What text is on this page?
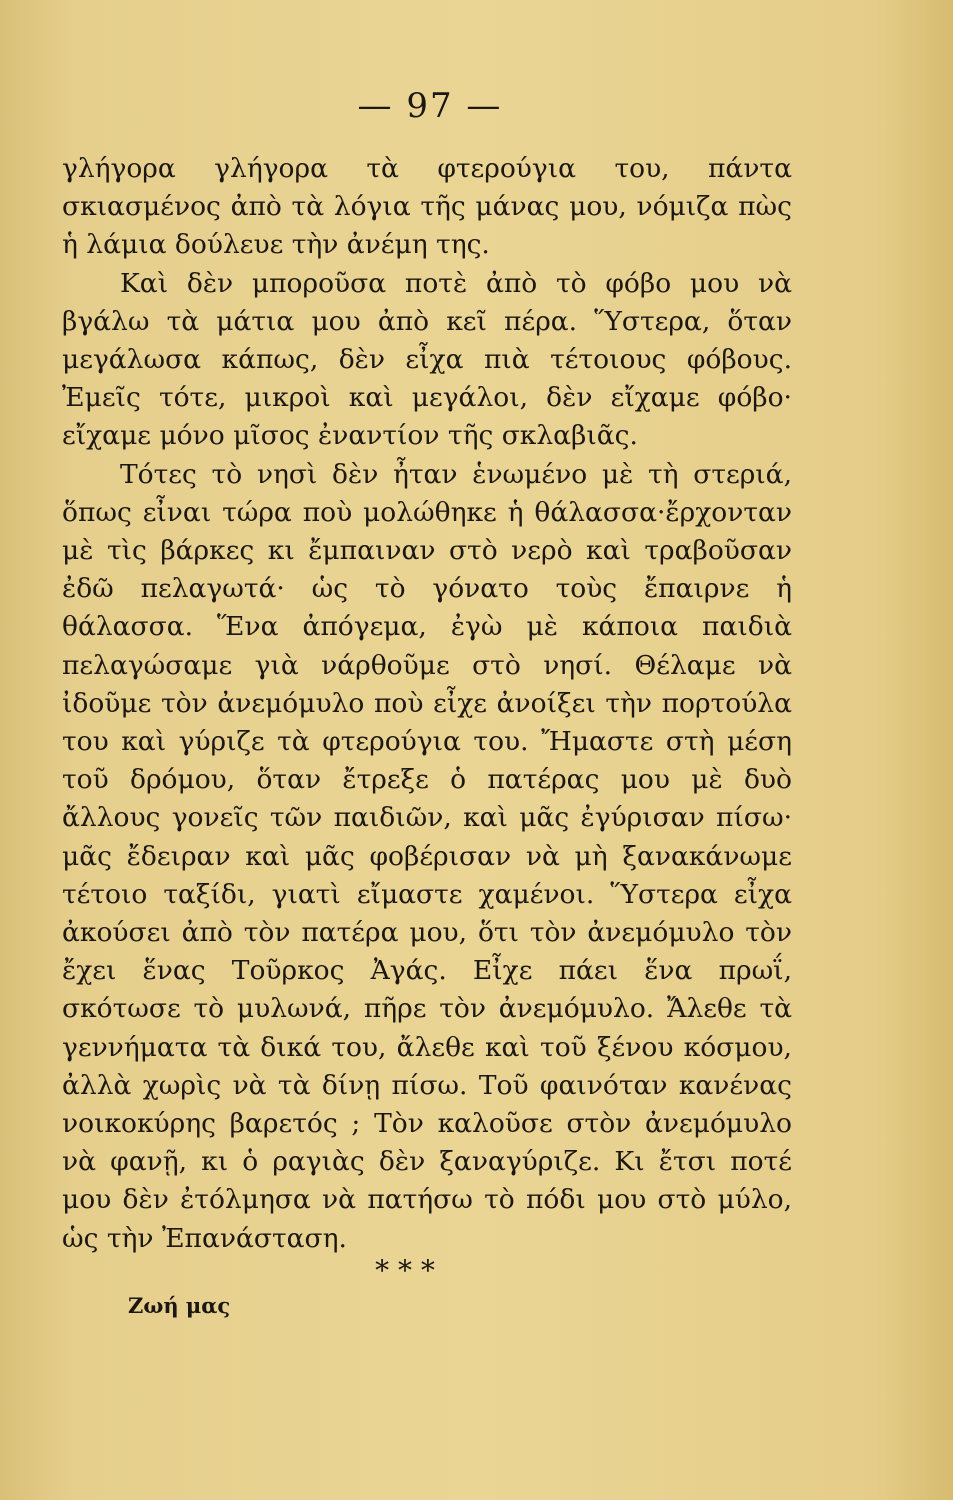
— 97 —

γλήγορα γλήγορα τὰ φτερούγια του, πάντα σκιασμένος ἀπὸ τὰ λόγια τῆς μάνας μου, νόμιζα πὼς ἡ λάμια δούλευε τὴν ἀνέμη της.

Καὶ δὲν μποροῦσα ποτὲ ἀπὸ τὸ φόβο μου νὰ βγάλω τὰ μάτια μου ἀπὸ κεῖ πέρα. Ὕστερα, ὅταν μεγάλωσα κάπως, δὲν εἶχα πιὰ τέτοιους φόβους. Ἐμεῖς τότε, μικροὶ καὶ μεγάλοι, δὲν εἴχαμε φόβο· εἴχαμε μόνο μῖσος ἐναντίον τῆς σκλαβιᾶς.

Τότες τὸ νησὶ δὲν ἦταν ἑνωμένο μὲ τὴ στεριά, ὅπως εἶναι τώρα ποὺ μολώθηκε ἡ θάλασσα·ἔρχονταν μὲ τὶς βάρκες κι ἔμπαιναν στὸ νερὸ καὶ τραβοῦσαν ἐδῶ πελαγωτά· ὡς τὸ γόνατο τοὺς ἔπαιρνε ἡ θάλασσα. Ἕνα ἀπόγεμα, ἐγὼ μὲ κάποια παιδιὰ πελαγώσαμε γιὰ νάρθοῦμε στὸ νησί. Θέλαμε νὰ ἰδοῦμε τὸν ἀνεμόμυλο ποὺ εἶχε ἀνοίξει τὴν πορτούλα του καὶ γύριζε τὰ φτερούγια του. Ἤμαστε στὴ μέση τοῦ δρόμου, ὅταν ἔτρεξε ὁ πατέρας μου μὲ δυὸ ἄλλους γονεῖς τῶν παιδιῶν, καὶ μᾶς ἐγύρισαν πίσω· μᾶς ἔδειραν καὶ μᾶς φοβέρισαν νὰ μὴ ξανακάνωμε τέτοιο ταξίδι, γιατὶ εἴμαστε χαμένοι. Ὕστερα εἶχα ἀκούσει ἀπὸ τὸν πατέρα μου, ὅτι τὸν ἀνεμόμυλο τὸν ἔχει ἕνας Τοῦρκος Ἀγάς. Εἶχε πάει ἕνα πρωΐ, σκότωσε τὸ μυλωνά, πῆρε τὸν ἀνεμόμυλο. Ἄλεθε τὰ γεννήματα τὰ δικά του, ἄλεθε καὶ τοῦ ξένου κόσμου, ἀλλὰ χωρὶς νὰ τὰ δίνῃ πίσω. Τοῦ φαινόταν κανένας νοικοκύρης βαρετός ; Τὸν καλοῦσε στὸν ἀνεμόμυλο νὰ φανῇ, κι ὁ ραγιὰς δὲν ξαναγύριζε. Κι ἔτσι ποτέ μου δὲν ἐτόλμησα νὰ πατήσω τὸ πόδι μου στὸ μύλο, ὡς τὴν Ἐπανάσταση.

* * *
Ζωή μας
